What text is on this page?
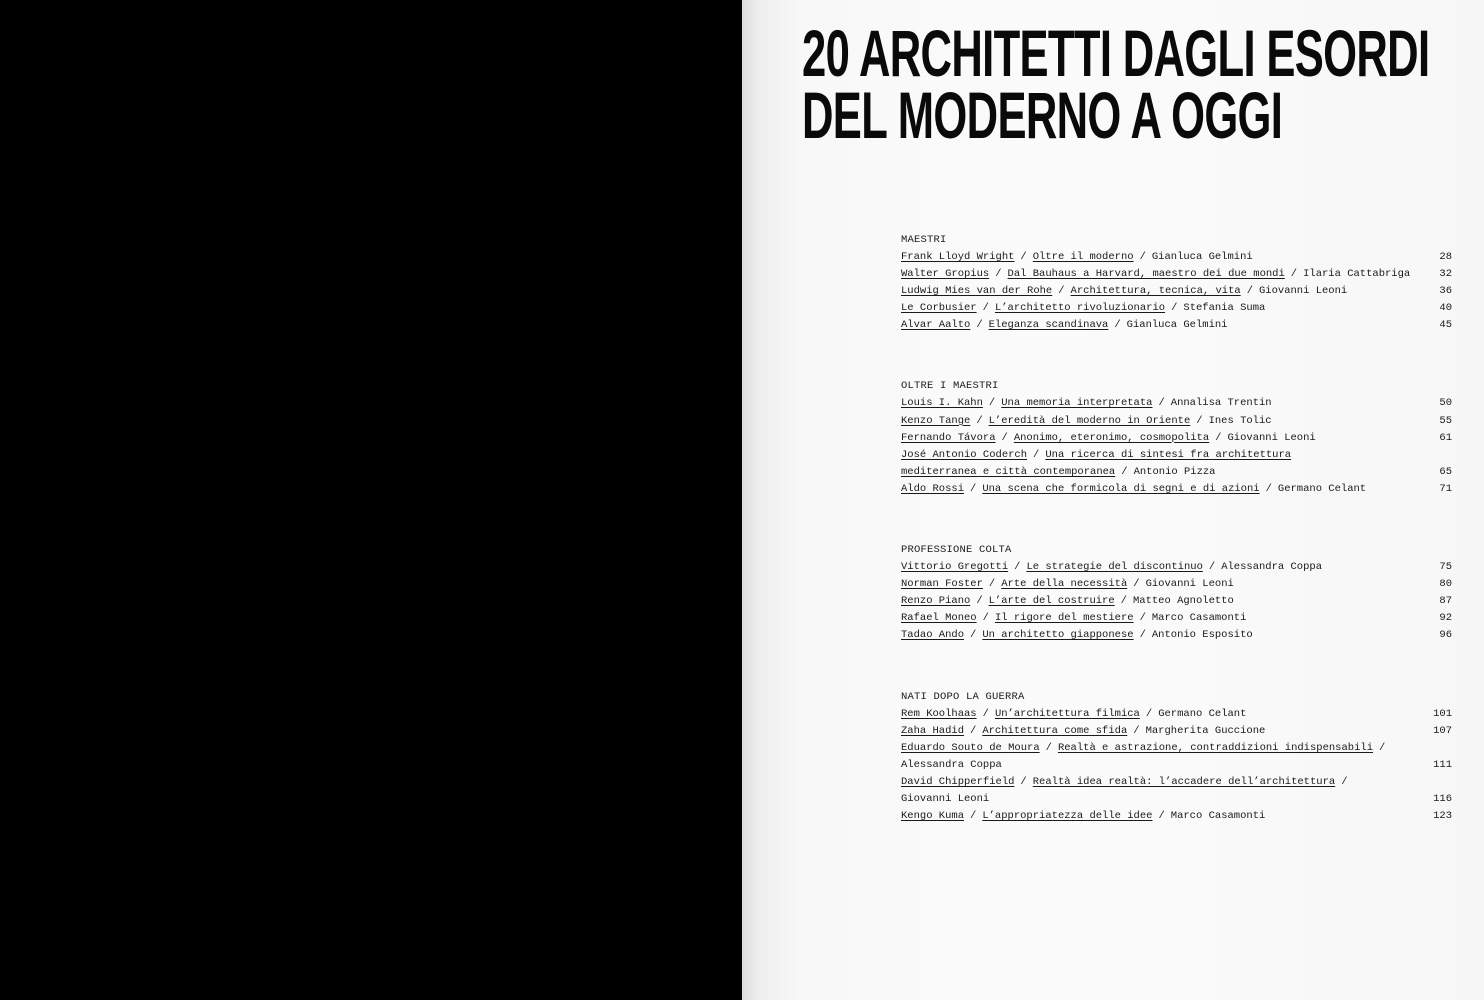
20 ARCHITETTI DAGLI ESORDI
DEL MODERNO A OGGI
MAESTRI
Frank Lloyd Wright / Oltre il moderno / Gianluca Gelmini	28
Walter Gropius / Dal Bauhaus a Harvard, maestro dei due mondi / Ilaria Cattabriga	32
Ludwig Mies van der Rohe / Architettura, tecnica, vita / Giovanni Leoni	36
Le Corbusier / L’architetto rivoluzionario / Stefania Suma	40
Alvar Aalto / Eleganza scandinava / Gianluca Gelmini	45
OLTRE I MAESTRI
Louis I. Kahn / Una memoria interpretata / Annalisa Trentin	50
Kenzo Tange / L’eredità del moderno in Oriente / Ines Tolic	55
Fernando Távora / Anonimo, eteronimo, cosmopolita / Giovanni Leoni	61
José Antonio Coderch / Una ricerca di sintesi fra architettura
mediterranea e città contemporanea / Antonio Pizza	65
Aldo Rossi / Una scena che formicola di segni e di azioni / Germano Celant	71
PROFESSIONE COLTA
Vittorio Gregotti / Le strategie del discontinuo / Alessandra Coppa	75
Norman Foster / Arte della necessità / Giovanni Leoni	80
Renzo Piano / L’arte del costruire / Matteo Agnoletto	87
Rafael Moneo / Il rigore del mestiere / Marco Casamonti	92
Tadao Ando / Un architetto giapponese / Antonio Esposito	96
NATI DOPO LA GUERRA
Rem Koolhaas / Un’architettura filmica / Germano Celant	101
Zaha Hadid / Architettura come sfida / Margherita Guccione	107
Eduardo Souto de Moura / Realtà e astrazione, contraddizioni indispensabili /
Alessandra Coppa	111
David Chipperfield / Realtà idea realtà: l’accadere dell’architettura /
Giovanni Leoni	116
Kengo Kuma / L’appropriatezza delle idee / Marco Casamonti	123
